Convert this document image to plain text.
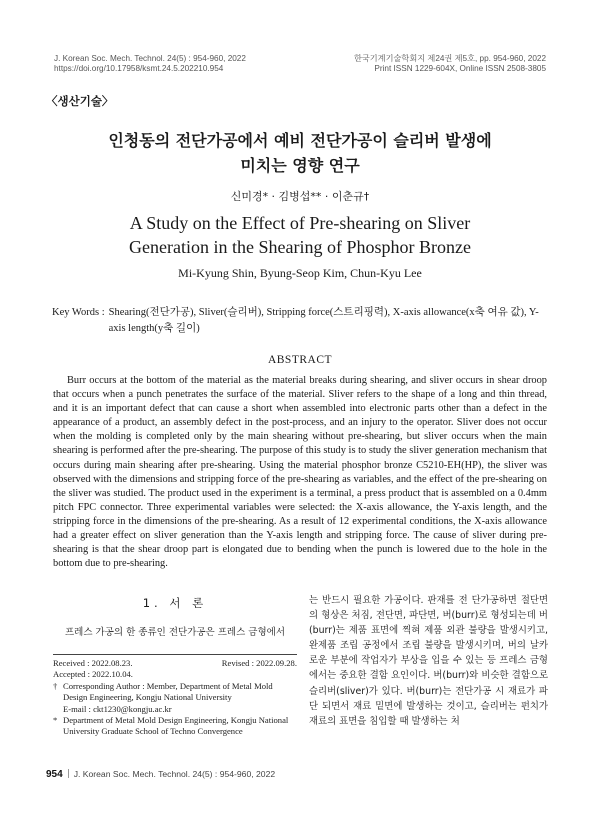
J. Korean Soc. Mech. Technol. 24(5) : 954-960, 2022
https://doi.org/10.17958/ksmt.24.5.202210.954
한국기계기술학회지 제24권 제5호, pp. 954-960, 2022
Print ISSN 1229-604X, Online ISSN 2508-3805
〈생산기술〉
인청동의 전단가공에서 예비 전단가공이 슬리버 발생에
미치는 영향 연구
신미경* · 김병섭** · 이춘규†
A Study on the Effect of Pre-shearing on Sliver
Generation in the Shearing of Phosphor Bronze
Mi-Kyung Shin, Byung-Seop Kim, Chun-Kyu Lee
Key Words : Shearing(전단가공), Sliver(슬리버), Stripping force(스트리핑력), X-axis allowance(x축 여유 값), Y-axis length(y축 길이)
ABSTRACT

Burr occurs at the bottom of the material as the material breaks during shearing, and sliver occurs in shear droop that occurs when a punch penetrates the surface of the material. Sliver refers to the shape of a long and thin thread, and it is an important defect that can cause a short when assembled into electronic parts other than a defect in the appearance of a product, an assembly defect in the post-process, and an injury to the operator. Sliver does not occur when the molding is completed only by the main shearing without pre-shearing, but sliver occurs when the main shearing is performed after the pre-shearing. The purpose of this study is to study the sliver generation mechanism that occurs during main shearing after pre-shearing. Using the material phosphor bronze C5210-EH(HP), the sliver was observed with the dimensions and stripping force of the pre-shearing as variables, and the effect of the pre-shearing on the sliver was studied. The product used in the experiment is a terminal, a press product that is assembled on a 0.4mm pitch FPC connector. Three experimental variables were selected: the X-axis allowance, the Y-axis length, and the stripping force in the dimensions of the pre-shearing. As a result of 12 experimental conditions, the X-axis allowance had a greater effect on sliver generation than the Y-axis length and stripping force. The cause of sliver during pre-shearing is that the shear droop part is elongated due to bending when the punch is lowered due to the hole in the bottom due to pre-shearing.

1. 서 론

프레스 가공의 한 종류인 전단가공은 프레스 금형에서

Received : 2022.08.23.	Revised : 2022.09.28.
Accepted : 2022.10.04.
† Corresponding Author : Member, Department of Metal Mold Design Engineering, Kongju National University
E-mail : ckt1230@kongju.ac.kr
* Department of Metal Mold Design Engineering, Kongju National University Graduate School of Techno Convergence

는 반드시 필요한 가공이다. 판재를 전 단가공하면 절단면의 형상은 처짐, 전단면, 파단면, 버(burr)로 형성되는데 버(burr)는 제품 표면에 찍혀 제품 외관 불량을 발생시키고, 완제품 조립 공정에서 조립 불량을 발생시키며, 버의 날카로운 부분에 작업자가 부상을 입을 수 있는 등 프레스 금형에서는 중요한 결함 요인이다. 버(burr)와 비슷한 결함으로 슬리버(sliver)가 있다. 버(burr)는 전단가공 시 재료가 파단 되면서 재료 밑면에 발생하는 것이고, 슬리버는 펀치가 재료의 표면을 침입할 때 발생하는 처

954 J. Korean Soc. Mech. Technol. 24(5) : 954-960, 2022
